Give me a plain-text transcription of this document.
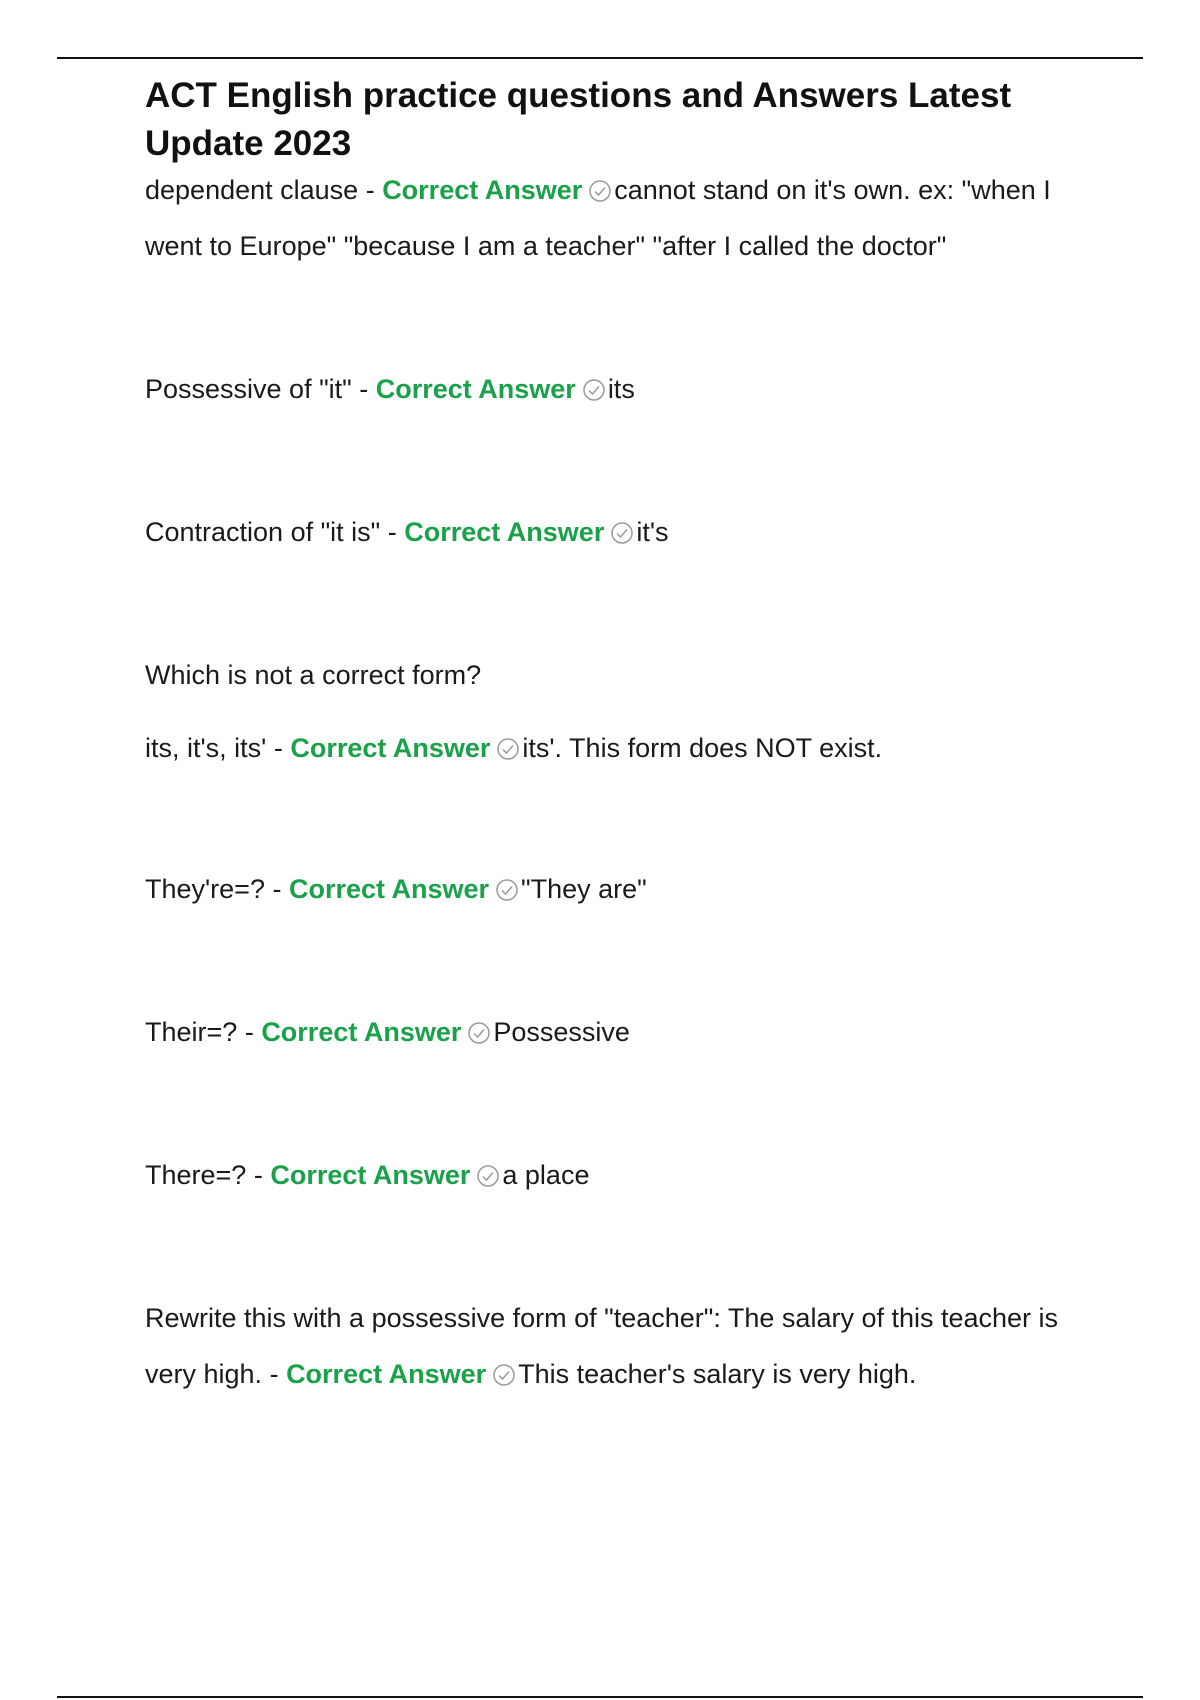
ACT English practice questions and Answers Latest Update 2023
dependent clause - Correct Answer cannot stand on it's own. ex: "when I went to Europe" "because I am a teacher" "after I called the doctor"
Possessive of "it" - Correct Answer its
Contraction of "it is" - Correct Answer it's
Which is not a correct form?
its, it's, its' - Correct Answer its'. This form does NOT exist.
They're=? - Correct Answer "They are"
Their=? - Correct Answer Possessive
There=? - Correct Answer a place
Rewrite this with a possessive form of "teacher": The salary of this teacher is very high. - Correct Answer This teacher's salary is very high.
